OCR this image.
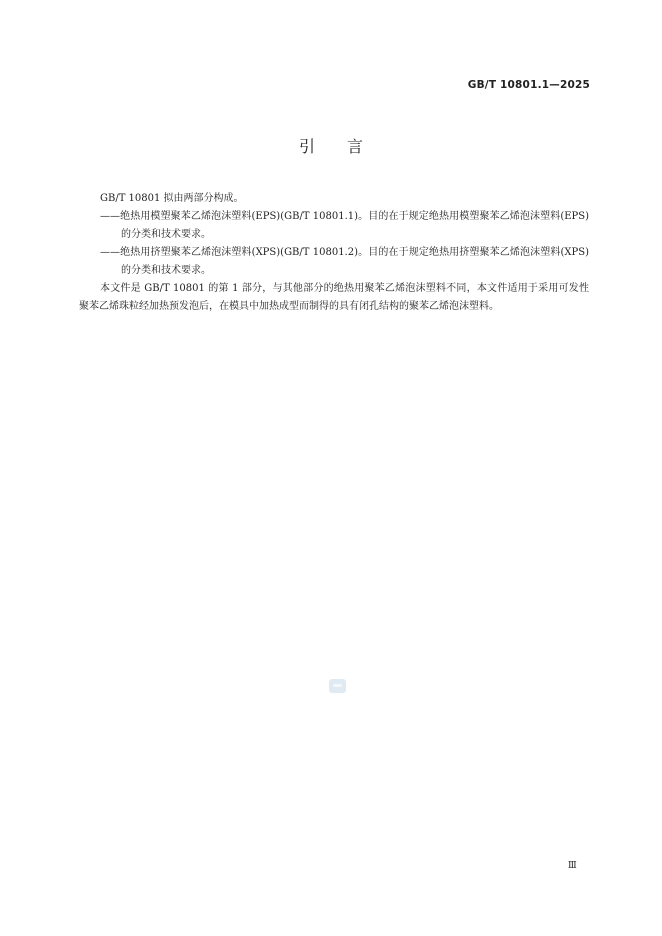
GB/T 10801.1—2025
引言

GB/T 10801 拟由两部分构成。

——绝热用模塑聚苯乙烯泡沫塑料(EPS)(GB/T 10801.1)。目的在于规定绝热用模塑聚苯乙烯泡沫塑料(EPS)的分类和技术要求。

——绝热用挤塑聚苯乙烯泡沫塑料(XPS)(GB/T 10801.2)。目的在于规定绝热用挤塑聚苯乙烯泡沫塑料(XPS)的分类和技术要求。

本文件是 GB/T 10801 的第 1 部分，与其他部分的绝热用聚苯乙烯泡沫塑料不同，本文件适用于采用可发性聚苯乙烯珠粒经加热预发泡后，在模具中加热成型而制得的具有闭孔结构的聚苯乙烯泡沫塑料。

Ⅲ
